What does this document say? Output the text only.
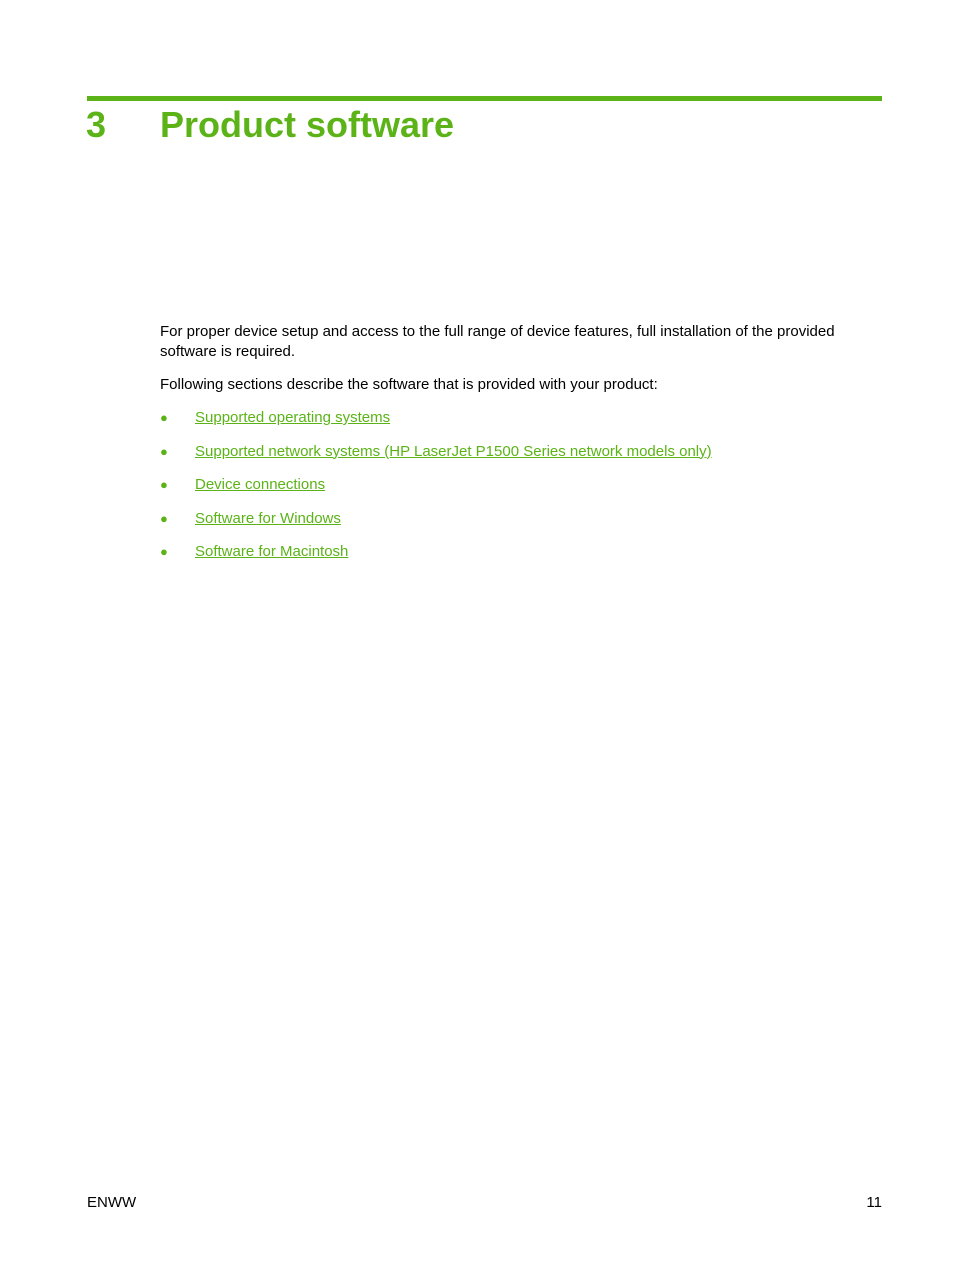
3 Product software

For proper device setup and access to the full range of device features, full installation of the provided software is required.

Following sections describe the software that is provided with your product:

●	Supported operating systems
●	Supported network systems (HP LaserJet P1500 Series network models only)
●	Device connections
●	Software for Windows
●	Software for Macintosh
ENWW	11
